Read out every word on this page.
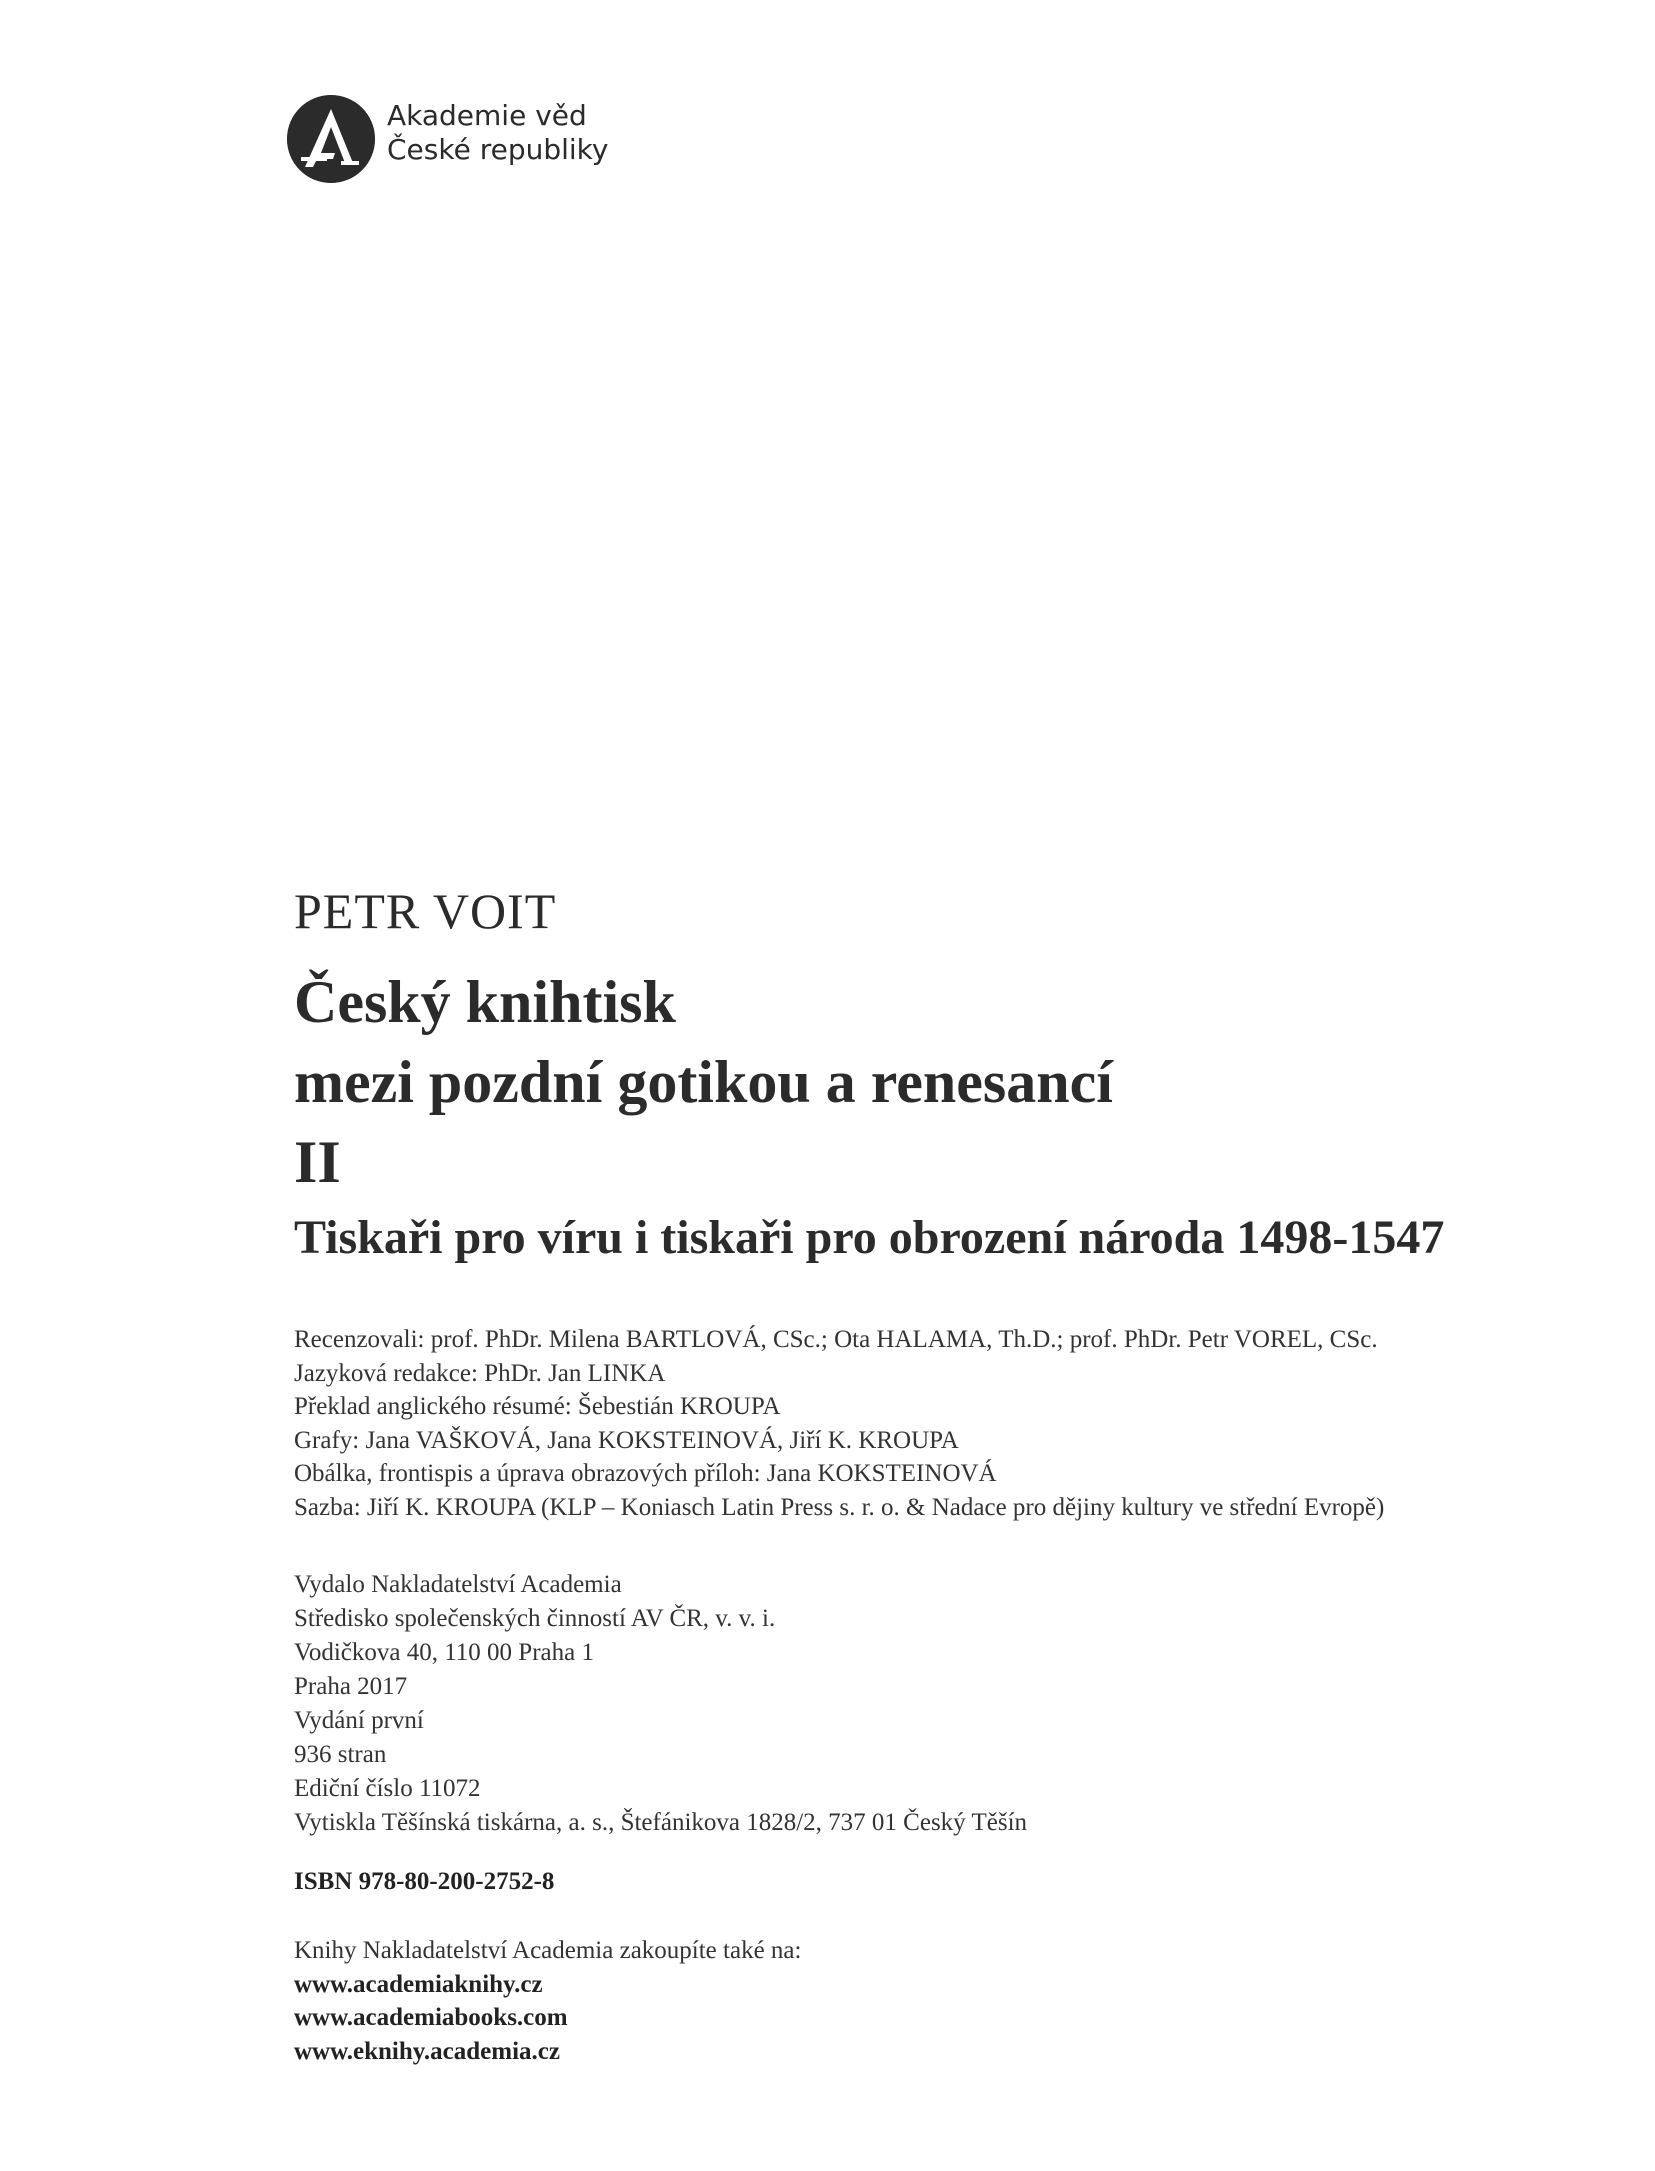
Akademie věd
České republiky
PETR VOIT
Český knihtisk
mezi pozdní gotikou a renesancí
II
Tiskaři pro víru i tiskaři pro obrození národa 1498-1547
Recenzovali: prof. PhDr. Milena BARTLOVÁ, CSc.; Ota HALAMA, Th.D.; prof. PhDr. Petr VOREL, CSc.
Jazyková redakce: PhDr. Jan LINKA
Překlad anglického résumé: Šebestián KROUPA
Grafy: Jana VAŠKOVÁ, Jana KOKSTEINOVÁ, Jiří K. KROUPA
Obálka, frontispis a úprava obrazových příloh: Jana KOKSTEINOVÁ
Sazba: Jiří K. KROUPA (KLP – Koniasch Latin Press s. r. o. & Nadace pro dějiny kultury ve střední Evropě)
Vydalo Nakladatelství Academia
Středisko společenských činností AV ČR, v. v. i.
Vodičkova 40, 110 00 Praha 1
Praha 2017
Vydání první
936 stran
Ediční číslo 11072
Vytiskla Těšínská tiskárna, a. s., Štefánikova 1828/2, 737 01 Český Těšín
ISBN 978-80-200-2752-8
Knihy Nakladatelství Academia zakoupíte také na:
www.academiaknihy.cz
www.academiabooks.com
www.eknihy.academia.cz
